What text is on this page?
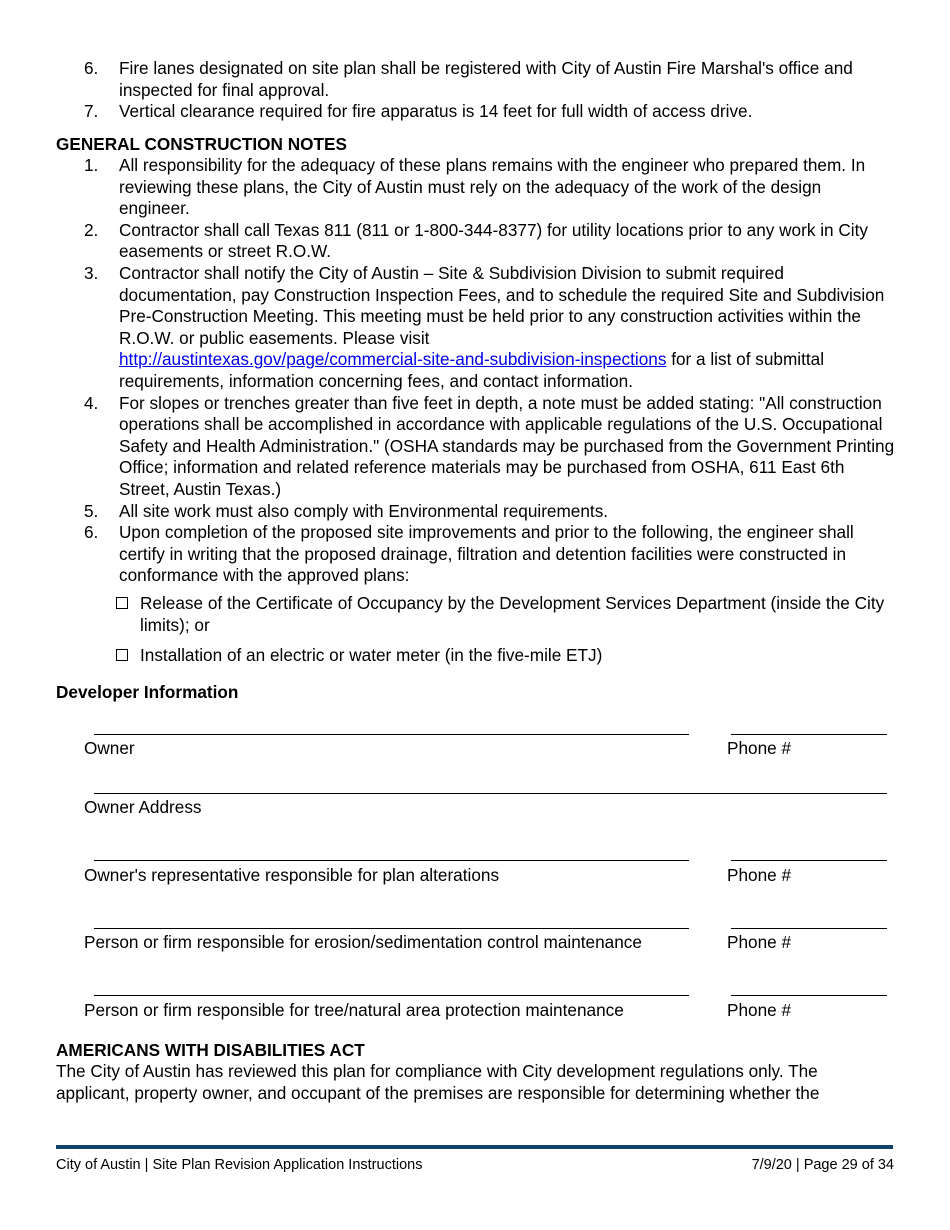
6.	Fire lanes designated on site plan shall be registered with City of Austin Fire Marshal's office and inspected for final approval.
7.	Vertical clearance required for fire apparatus is 14 feet for full width of access drive.
GENERAL CONSTRUCTION NOTES
1.	All responsibility for the adequacy of these plans remains with the engineer who prepared them. In reviewing these plans, the City of Austin must rely on the adequacy of the work of the design engineer.
2.	Contractor shall call Texas 811 (811 or 1-800-344-8377) for utility locations prior to any work in City easements or street R.O.W.
3.	Contractor shall notify the City of Austin – Site & Subdivision Division to submit required documentation, pay Construction Inspection Fees, and to schedule the required Site and Subdivision Pre-Construction Meeting. This meeting must be held prior to any construction activities within the R.O.W. or public easements. Please visit
http://austintexas.gov/page/commercial-site-and-subdivision-inspections for a list of submittal requirements, information concerning fees, and contact information.
4.	For slopes or trenches greater than five feet in depth, a note must be added stating: "All construction operations shall be accomplished in accordance with applicable regulations of the U.S. Occupational Safety and Health Administration." (OSHA standards may be purchased from the Government Printing Office; information and related reference materials may be purchased from OSHA, 611 East 6th Street, Austin Texas.)
5.	All site work must also comply with Environmental requirements.
6.	Upon completion of the proposed site improvements and prior to the following, the engineer shall certify in writing that the proposed drainage, filtration and detention facilities were constructed in conformance with the approved plans:
Release of the Certificate of Occupancy by the Development Services Department (inside the City limits); or
Installation of an electric or water meter (in the five-mile ETJ)
Developer Information
Owner	Phone #
Owner Address
Owner's representative responsible for plan alterations	Phone #
Person or firm responsible for erosion/sedimentation control maintenance	Phone #
Person or firm responsible for tree/natural area protection maintenance	Phone #
AMERICANS WITH DISABILITIES ACT
The City of Austin has reviewed this plan for compliance with City development regulations only. The applicant, property owner, and occupant of the premises are responsible for determining whether the
City of Austin | Site Plan Revision Application Instructions	7/9/20 | Page 29 of 34
